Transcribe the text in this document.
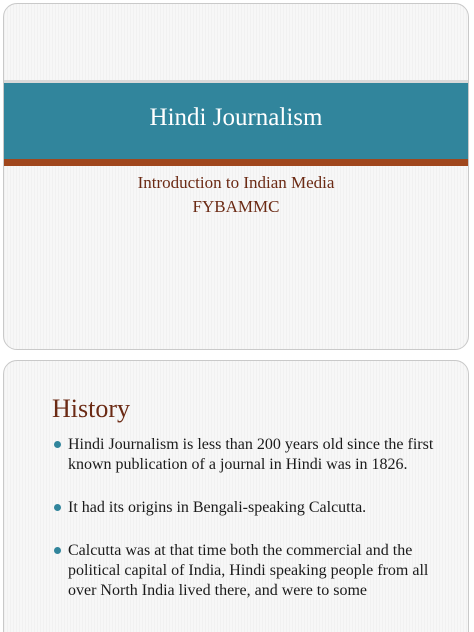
Hindi Journalism
Introduction to Indian Media
FYBAMMC
History
Hindi Journalism is less than 200 years old since the first known publication of a journal in Hindi was in 1826.
It had its origins in Bengali-speaking Calcutta.
Calcutta was at that time both the commercial and the political capital of India, Hindi speaking people from all over North India lived there, and were to some
